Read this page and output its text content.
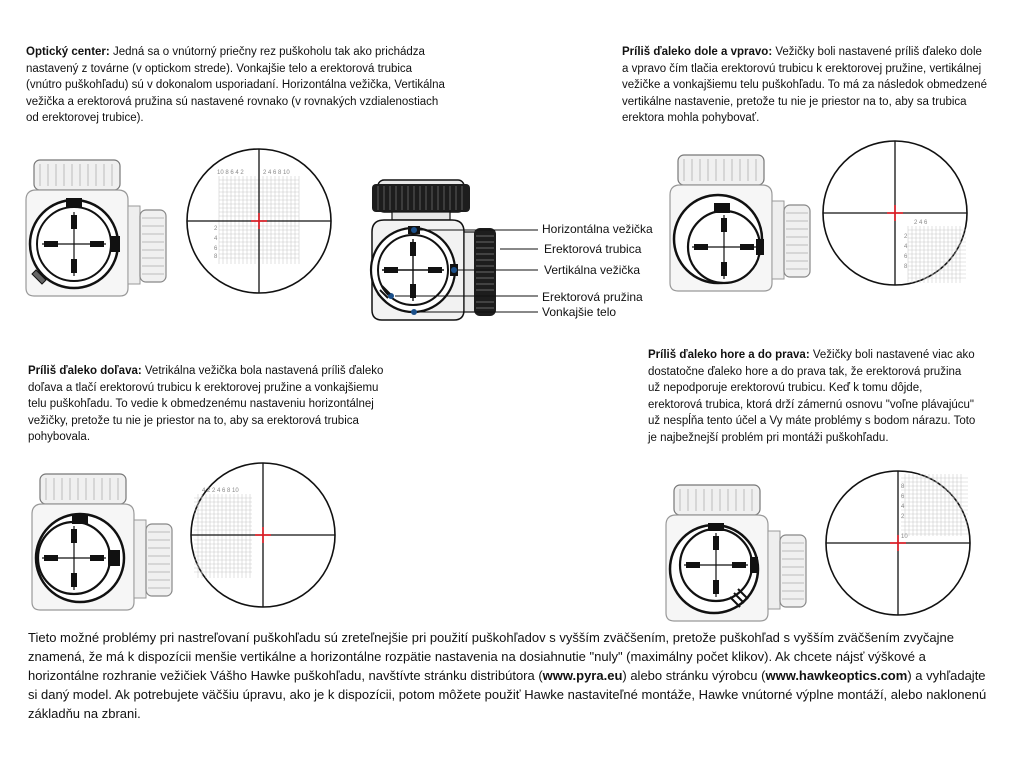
Optický center: Jedná sa o vnútorný priečny rez puškoholu tak ako prichádza nastavený z továrne (v optickom strede). Vonkajšie telo a erektorová trubica (vnútro puškohľadu) sú v dokonalom usporiadaní. Horizontálna vežička, Vertikálna vežička a erektorová pružina sú nastavené rovnako (v rovnakých vzdialenostiach od erektorovej trubice).
Príliš ďaleko dole a vpravo: Vežičky boli nastavené príliš ďaleko dole a vpravo čím tlačia erektorovú trubicu k erektorovej pružine, vertikálnej vežičke a vonkajšiemu telu puškohľadu. To má za následok obmedzené vertikálne nastavenie, pretože tu nie je priestor na to, aby sa trubica erektora mohla pohybovať.
Príliš ďaleko doľava: Vetrikálna vežička bola nastavená príliš ďaleko doľava a tlačí erektorovú trubicu k erektorovej pružine a vonkajšiemu telu puškohľadu. To vedie k obmedzenému nastaveniu horizontálnej vežičky, pretože tu nie je priestor na to, aby sa erektorová trubica pohybovala.
Príliš ďaleko hore a do prava: Vežičky boli nastavené viac ako dostatočne ďaleko hore a do prava tak, že erektorová pružina už nepodporuje erektorovú trubicu. Keď k tomu dôjde, erektorová trubica, ktorá drží zámernú osnovu "voľne plávajúcu" už nespĺňa tento účel a Vy máte problémy s bodom nárazu. Toto je najbežnejší problém pri montáži puškohľadu.
Horizontálna vežička
Erektorová trubica
Vertikálna vežička
Erektorová pružina
Vonkajšie telo
10 8 6 4 2	2 4 6 8 10
2
4
6
8
2 4 6
2
4
6
8
4 2 2 4 6 8 10
8
6
4
2
10
Tieto možné problémy pri nastreľovaní puškohľadu sú zreteľnejšie pri použití puškohľadov s vyšším zväčšením, pretože puškohľad s vyšším zväčšením zvyčajne znamená, že má k dispozícii menšie vertikálne a horizontálne rozpätie nastavenia na dosiahnutie "nuly" (maximálny počet klikov). Ak chcete nájsť výškové a horizontálne rozhranie vežičiek Vášho Hawke puškohľadu, navštívte stránku distribútora (www.pyra.eu) alebo stránku výrobcu (www.hawkeoptics.com) a vyhľadajte si daný model. Ak potrebujete väčšiu úpravu, ako je k dispozícii, potom môžete použiť Hawke nastaviteľné montáže, Hawke vnútorné výplne montáží, alebo naklonenú základňu na zbrani.
